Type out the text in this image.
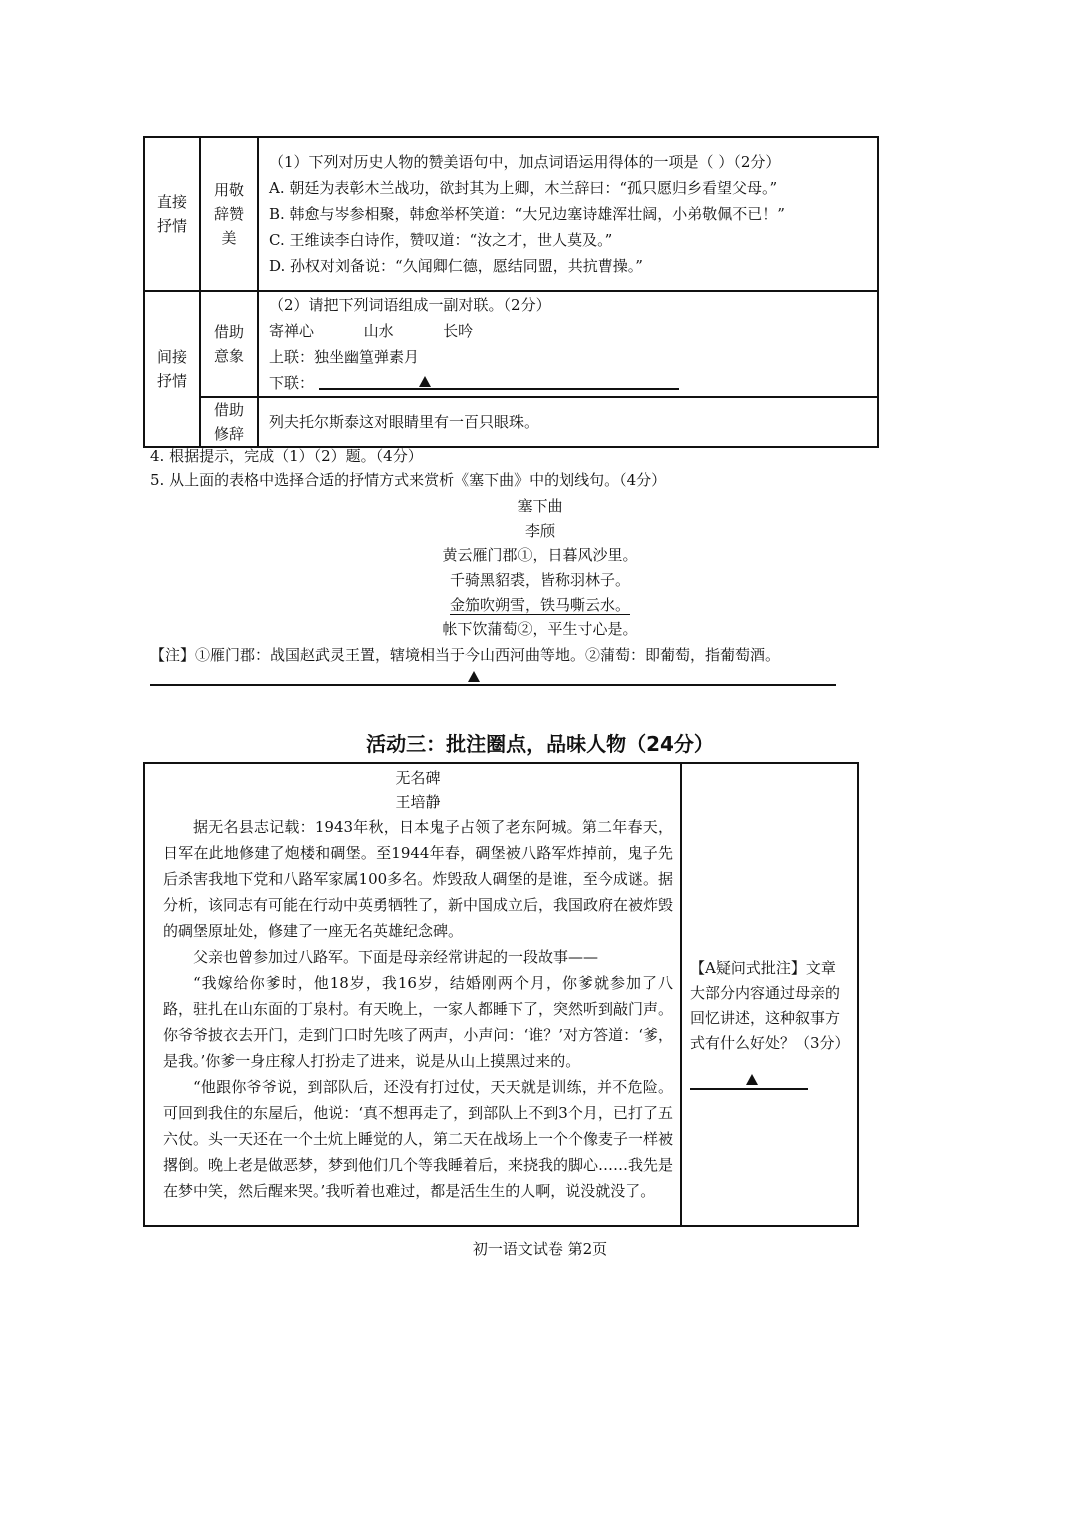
直接抒情	用敬辞赞美	（1）下列对历史人物的赞美语句中，加点词语运用得体的一项是（ ）（2分）
A. 朝廷为表彰木兰战功，欲封其为上卿，木兰辞曰：“孤只愿归乡看望父母。”
B. 韩愈与岑参相聚，韩愈举杯笑道：“大兄边塞诗雄浑壮阔，小弟敬佩不已！”
C. 王维读李白诗作，赞叹道：“汝之才，世人莫及。”
D. 孙权对刘备说：“久闻卿仁德，愿结同盟，共抗曹操。”

间接抒情	借助意象	（2）请把下列词语组成一副对联。（2分）
寄禅心 山水 长吟
上联：独坐幽篁弹素月
下联：

	借助修辞	列夫托尔斯泰这对眼睛里有一百只眼珠。
4. 根据提示，完成（1）（2）题。（4分）
5. 从上面的表格中选择合适的抒情方式来赏析《塞下曲》中的划线句。（4分）
塞下曲
李颀
黄云雁门郡①，日暮风沙里。
千骑黑貂裘，皆称羽林子。
金笳吹朔雪，铁马嘶云水。
帐下饮蒲萄②，平生寸心是。
【注】①雁门郡：战国赵武灵王置，辖境相当于今山西河曲等地。②蒲萄：即葡萄，指葡萄酒。
活动三：批注圈点，品味人物（24分）
无名碑
王培静

据无名县志记载：1943年秋，日本鬼子占领了老东阿城。第二年春天，日军在此地修建了炮楼和碉堡。至1944年春，碉堡被八路军炸掉前，鬼子先后杀害我地下党和八路军家属100多名。炸毁敌人碉堡的是谁，至今成谜。据分析，该同志有可能在行动中英勇牺牲了，新中国成立后，我国政府在被炸毁的碉堡原址处，修建了一座无名英雄纪念碑。

父亲也曾参加过八路军。下面是母亲经常讲起的一段故事——

“我嫁给你爹时，他18岁，我16岁，结婚刚两个月，你爹就参加了八路，驻扎在山东面的丁泉村。有天晚上，一家人都睡下了，突然听到敲门声。你爷爷披衣去开门，走到门口时先咳了两声，小声问：‘谁？’对方答道：‘爹，是我。’你爹一身庄稼人打扮走了进来，说是从山上摸黑过来的。

“他跟你爷爷说，到部队后，还没有打过仗，天天就是训练，并不危险。可回到我住的东屋后，他说：‘真不想再走了，到部队上不到3个月，已打了五六仗。头一天还在一个土炕上睡觉的人，第二天在战场上一个个像麦子一样被撂倒。晚上老是做恶梦，梦到他们几个等我睡着后，来挠我的脚心……我先是在梦中笑，然后醒来哭。’我听着也难过，都是活生生的人啊，说没就没了。

【A疑问式批注】文章大部分内容通过母亲的回忆讲述，这种叙事方式有什么好处？（3分）
初一语文试卷 第2页
